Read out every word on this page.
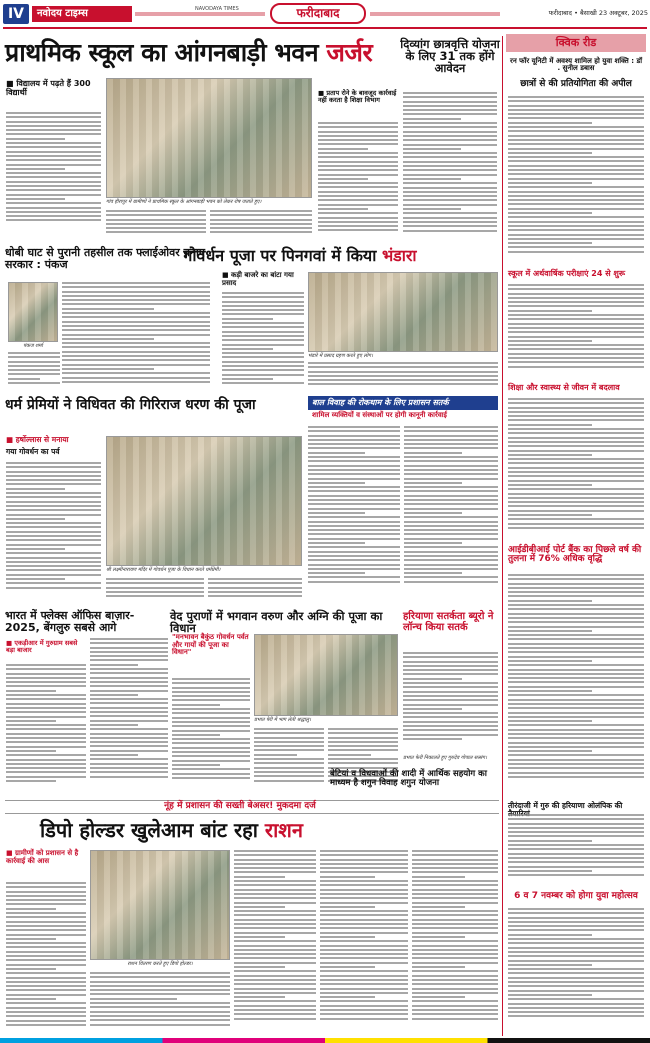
IV	नवोदय टाइम्स	NAVODAYA TIMES	फरीदाबाद	फरीदाबाद • बैसाखी 23 अक्टूबर, 2025
प्राथमिक स्कूल का आंगनबाड़ी भवन जर्जर
■ विद्यालय में पढ़ते हैं 300 विद्यार्थी
गांव हीरापुर में ग्रामीणों ने प्राथमिक स्कूल के आंगनबाड़ी भवन को लेकर रोष जताते हुए।
दिव्यांग छात्रवृत्ति योजना के लिए 31 तक होंगे आवेदन
■ प्रताप रोने के बावजूद कार्रवाई नहीं करता है शिक्षा विभाग
धोबी घाट से पुरानी तहसील तक फ्लाईओवर बनाए सरकार : पंकज
पंकज शर्मा
गोवर्धन पूजा पर पिनगवां में किया भंडारा
■ कड़ी बाजरे का बांटा गया प्रसाद
भंडारे में प्रसाद ग्रहण करते हुए लोग।
बाल विवाह की रोकथाम के लिए प्रशासन सतर्क
शामिल व्यक्तियों व संस्थाओं पर होगी कानूनी कार्रवाई
धर्म प्रेमियों ने विधिवत की गिरिराज धरण की पूजा
■ हर्षोल्लास से मनाया
गया गोवर्धन का पर्व
श्री लक्ष्मीनारायण मंदिर में गोवर्धन पूजा के विधान करते धर्मप्रेमी।
भारत में फ्लेक्स ऑफिस बाज़ार- 2025, बेंगलुरु सबसे आगे
■ एकड़ीआर में गुरुग्राम सबसे बड़ा बाजार
वेद पुराणों में भगवान वरुण और अग्नि की पूजा का विधान
"मनभावन बैकुंठ गोवर्धन पर्वत और गायों की पूजा का विधान"
प्रभात पेरी में भाग लेती श्रद्धालु।
हरियाणा सतर्कता ब्यूरो ने लॉन्च किया सतर्क
प्रभात फेरी निकालते हुए गुरुदेव गोपाल सत्संग।
बेटियां व विधवाओं की शादी में आर्थिक सहयोग का माध्यम है शगुन विवाह शगुन योजना
नूंह में प्रशासन की सख्ती बेअसर! मुकदमा दर्ज
डिपो होल्डर खुलेआम बांट रहा राशन
■ ग्रामीणों को प्रशासन से है कार्रवाई की आस
राशन वितरण करते हुए डिपो होल्डर।
क्विक रीड
रन फॉर यूनिटी में अवश्य शामिल हो युवा शक्ति : डॉ . सुनील डबास
छात्रों से की प्रतियोगिता की अपील
स्कूल में अर्थवार्षिक परीक्षाएं 24 से शुरू
शिक्षा और स्वास्थ्य से जीवन में बदलाव
आईडीबीआई पोर्ट बैंक का पिछले वर्ष की तुलना में 76% अधिक वृद्धि
तीरंदाजी में गुरु की हरियाणा ओलंपिक की
6 व 7 नवम्बर को होगा युवा महोत्सव
